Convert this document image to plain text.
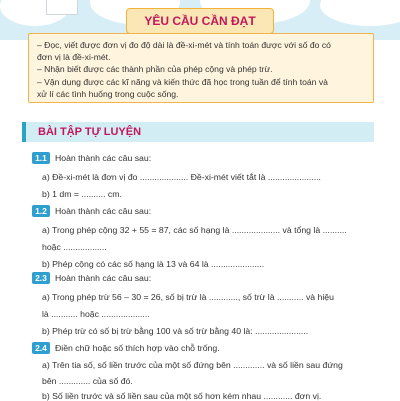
YÊU CẦU CẦN ĐẠT

– Đọc, viết được đơn vị đo độ dài là đề-xi-mét và tính toán được với số đo có

đơn vị là đề-xi-mét.

– Nhận biết được các thành phần của phép cộng và phép trừ.

– Vận dụng được các kĩ năng và kiến thức đã học trong tuần để tính toán và

xử lí các tình huống trong cuộc sống.

BÀI TẬP TỰ LUYỆN
1.1 Hoàn thành các câu sau:
a) Đề-xi-mét là đơn vị đo .................... Đề-xi-mét viết tắt là ......................
b) 1 dm = .......... cm.
1.2 Hoàn thành các câu sau:
a) Trong phép cộng 32 + 55 = 87, các số hạng là .................... và tổng là ..........
hoặc ..................
b) Phép cộng có các số hạng là 13 và 64 là ......................
2.3 Hoàn thành các câu sau:
a) Trong phép trừ 56 – 30 = 26, số bị trừ là ............, số trừ là ........... và hiệu
là ........... hoặc ....................
b) Phép trừ có số bị trừ bằng 100 và số trừ bằng 40 là: ......................
2.4 Điền chữ hoặc số thích hợp vào chỗ trống.
a) Trên tia số, số liền trước của một số đứng bên ............. và số liền sau đứng
bên ............. của số đó.
b) Số liền trước và số liền sau của một số hơn kém nhau ............ đơn vị.
